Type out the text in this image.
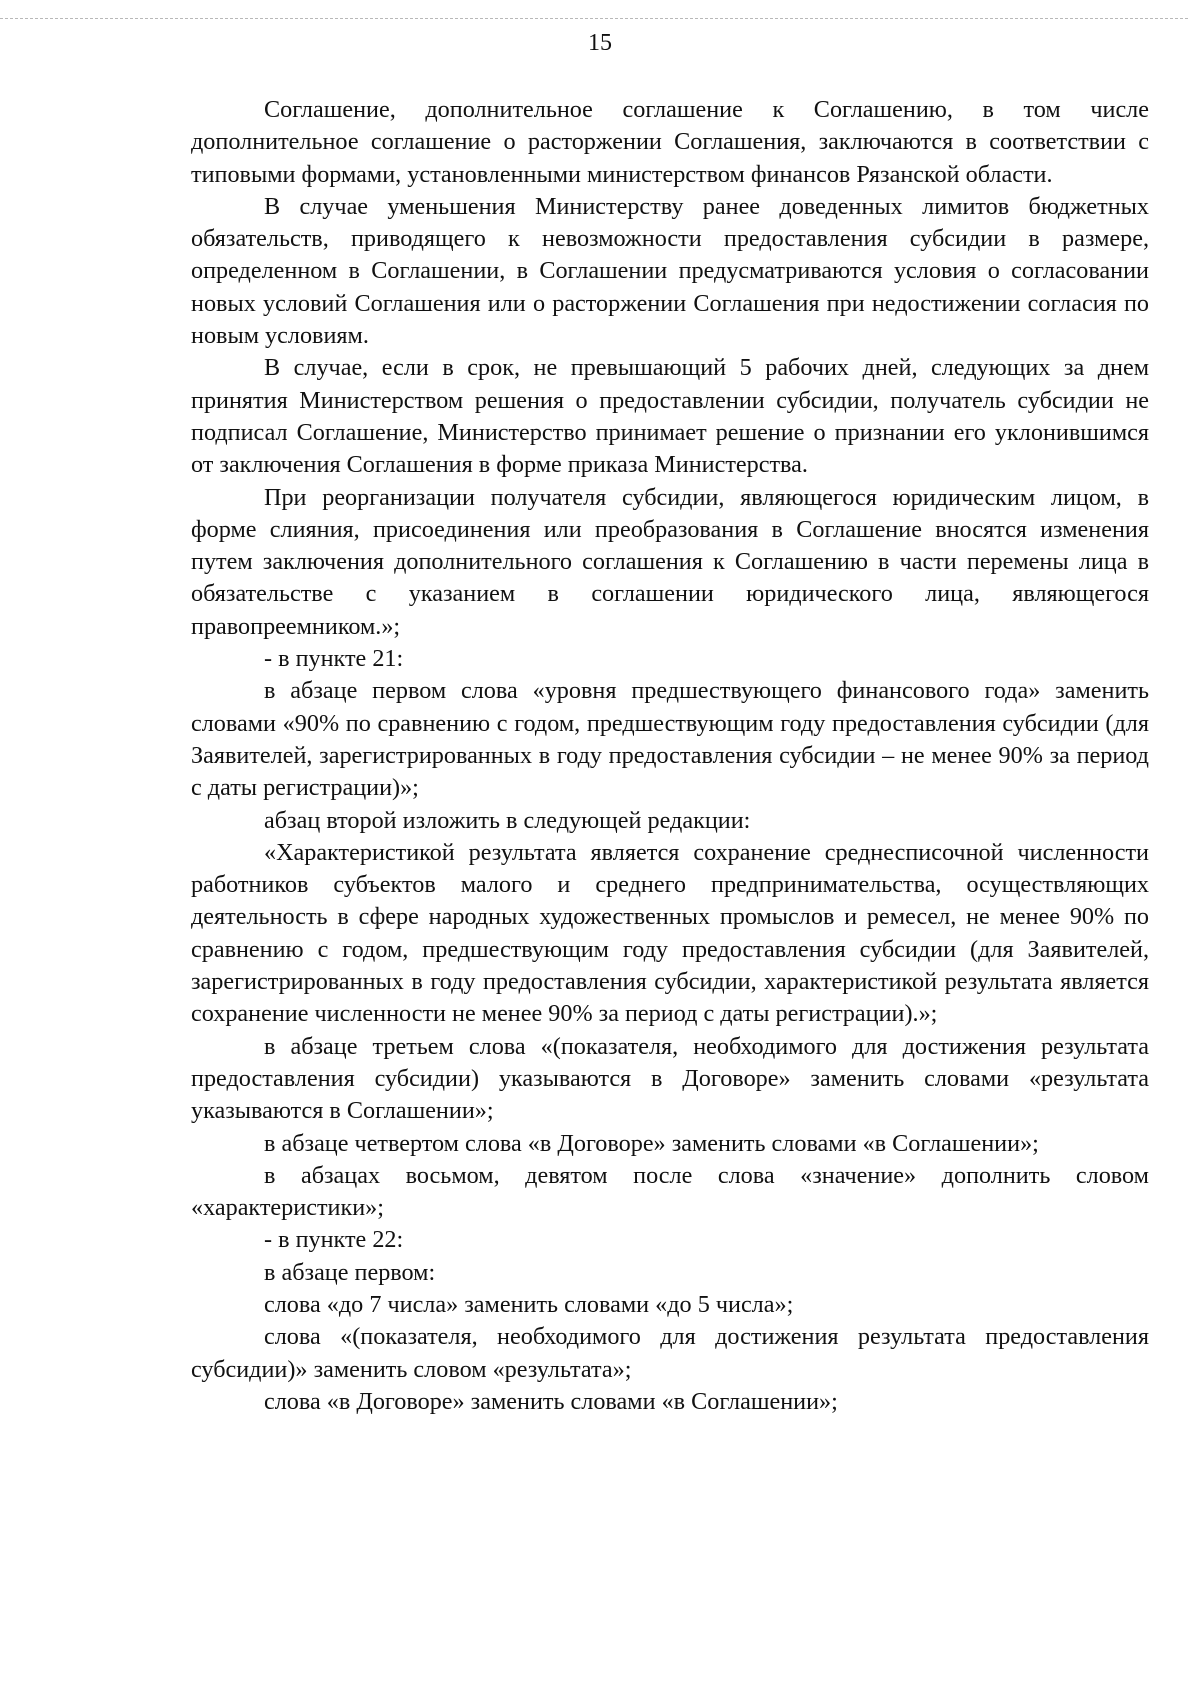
15

Соглашение, дополнительное соглашение к Соглашению, в том числе дополнительное соглашение о расторжении Соглашения, заключаются в соответствии с типовыми формами, установленными министерством финансов Рязанской области.

В случае уменьшения Министерству ранее доведенных лимитов бюджетных обязательств, приводящего к невозможности предоставления субсидии в размере, определенном в Соглашении, в Соглашении предусматриваются условия о согласовании новых условий Соглашения или о расторжении Соглашения при недостижении согласия по новым условиям.

В случае, если в срок, не превышающий 5 рабочих дней, следующих за днем принятия Министерством решения о предоставлении субсидии, получатель субсидии не подписал Соглашение, Министерство принимает решение о признании его уклонившимся от заключения Соглашения в форме приказа Министерства.

При реорганизации получателя субсидии, являющегося юридическим лицом, в форме слияния, присоединения или преобразования в Соглашение вносятся изменения путем заключения дополнительного соглашения к Соглашению в части перемены лица в обязательстве с указанием в соглашении юридического лица, являющегося правопреемником.»;

- в пункте 21:

в абзаце первом слова «уровня предшествующего финансового года» заменить словами «90% по сравнению с годом, предшествующим году предоставления субсидии (для Заявителей, зарегистрированных в году предоставления субсидии – не менее 90% за период с даты регистрации)»;

абзац второй изложить в следующей редакции:

«Характеристикой результата является сохранение среднесписочной численности работников субъектов малого и среднего предпринимательства, осуществляющих деятельность в сфере народных художественных промыслов и ремесел, не менее 90% по сравнению с годом, предшествующим году предоставления субсидии (для Заявителей, зарегистрированных в году предоставления субсидии, характеристикой результата является сохранение численности не менее 90% за период с даты регистрации).»;

в абзаце третьем слова «(показателя, необходимого для достижения результата предоставления субсидии) указываются в Договоре» заменить словами «результата указываются в Соглашении»;

в абзаце четвертом слова «в Договоре» заменить словами «в Соглашении»;

в абзацах восьмом, девятом после слова «значение» дополнить словом «характеристики»;

- в пункте 22:

в абзаце первом:

слова «до 7 числа» заменить словами «до 5 числа»;

слова «(показателя, необходимого для достижения результата предоставления субсидии)» заменить словом «результата»;

слова «в Договоре» заменить словами «в Соглашении»;
